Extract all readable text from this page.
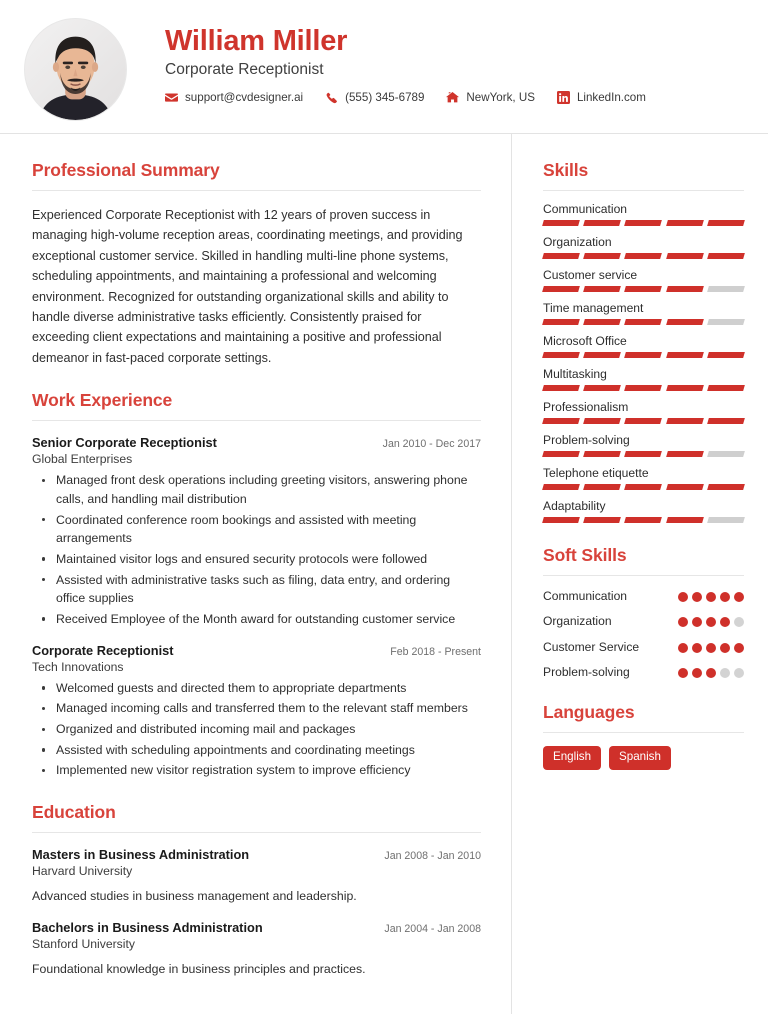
William Miller
Corporate Receptionist
support@cvdesigner.ai	(555) 345-6789	NewYork, US	LinkedIn.com
Professional Summary
Experienced Corporate Receptionist with 12 years of proven success in managing high-volume reception areas, coordinating meetings, and providing exceptional customer service. Skilled in handling multi-line phone systems, scheduling appointments, and maintaining a professional and welcoming environment. Recognized for outstanding organizational skills and ability to handle diverse administrative tasks efficiently. Consistently praised for exceeding client expectations and maintaining a positive and professional demeanor in fast-paced corporate settings.
Work Experience
Senior Corporate Receptionist	Jan 2010 - Dec 2017
Global Enterprises
Managed front desk operations including greeting visitors, answering phone calls, and handling mail distribution
Coordinated conference room bookings and assisted with meeting arrangements
Maintained visitor logs and ensured security protocols were followed
Assisted with administrative tasks such as filing, data entry, and ordering office supplies
Received Employee of the Month award for outstanding customer service
Corporate Receptionist	Feb 2018 - Present
Tech Innovations
Welcomed guests and directed them to appropriate departments
Managed incoming calls and transferred them to the relevant staff members
Organized and distributed incoming mail and packages
Assisted with scheduling appointments and coordinating meetings
Implemented new visitor registration system to improve efficiency
Education
Masters in Business Administration	Jan 2008 - Jan 2010
Harvard University
Advanced studies in business management and leadership.
Bachelors in Business Administration	Jan 2004 - Jan 2008
Stanford University
Foundational knowledge in business principles and practices.
Skills
Communication
Organization
Customer service
Time management
Microsoft Office
Multitasking
Professionalism
Problem-solving
Telephone etiquette
Adaptability
Soft Skills
Communication
Organization
Customer Service
Problem-solving
Languages
English	Spanish
